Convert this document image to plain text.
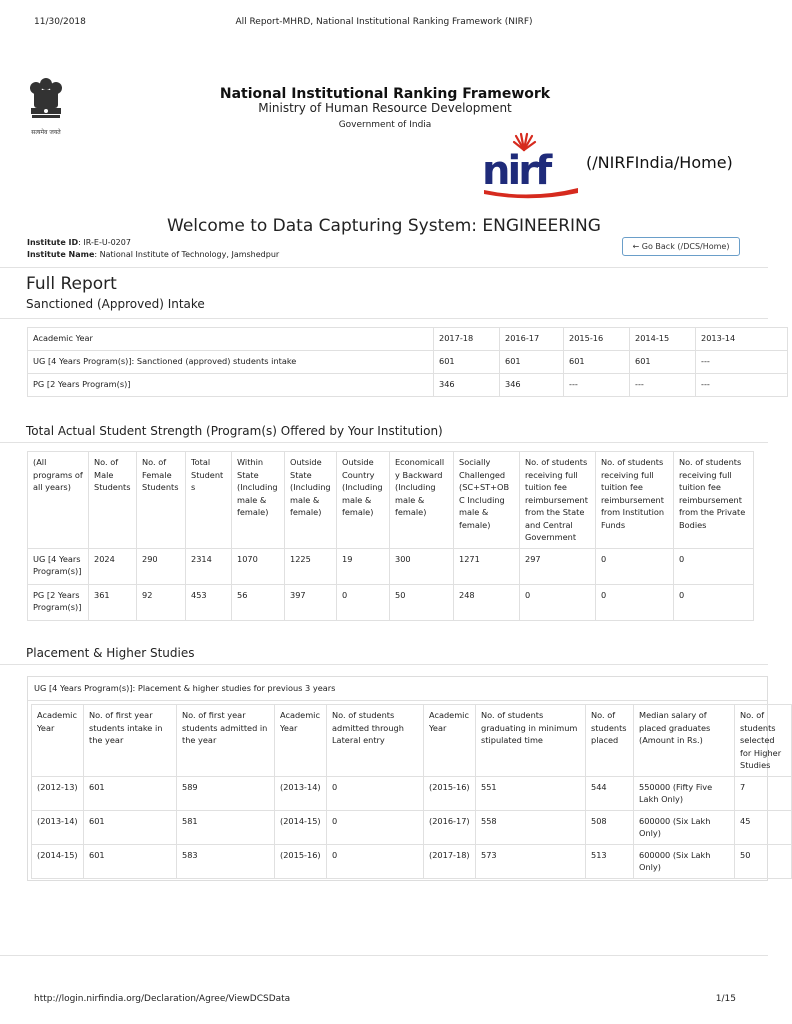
11/30/2018	All Report-MHRD, National Institutional Ranking Framework (NIRF)
सत्यमेव जयते
National Institutional Ranking Framework
Ministry of Human Resource Development
Government of India
nirf (/NIRFIndia/Home)
Welcome to Data Capturing System: ENGINEERING
Institute ID: IR-E-U-0207
Institute Name: National Institute of Technology, Jamshedpur
← Go Back (/DCS/Home)
Full Report
Sanctioned (Approved) Intake
Academic Year	2017-18	2016-17	2015-16	2014-15	2013-14
UG [4 Years Program(s)]: Sanctioned (approved) students intake	601	601	601	601	---
PG [2 Years Program(s)]	346	346	---	---	---
Total Actual Student Strength (Program(s) Offered by Your Institution)
(All programs of all years)	No. of Male Students	No. of Female Students	Total Students	Within State (Including male & female)	Outside State (Including male & female)	Outside Country (Including male & female)	Economically Backward (Including male & female)	Socially Challenged (SC+ST+OBC Including male & female)	No. of students receiving full tuition fee reimbursement from the State and Central Government	No. of students receiving full tuition fee reimbursement from Institution Funds	No. of students receiving full tuition fee reimbursement from the Private Bodies
UG [4 Years Program(s)]	2024	290	2314	1070	1225	19	300	1271	297	0	0
PG [2 Years Program(s)]	361	92	453	56	397	0	50	248	0	0	0
Placement & Higher Studies
UG [4 Years Program(s)]: Placement & higher studies for previous 3 years
Academic Year	No. of first year students intake in the year	No. of first year students admitted in the year	Academic Year	No. of students admitted through Lateral entry	Academic Year	No. of students graduating in minimum stipulated time	No. of students placed	Median salary of placed graduates (Amount in Rs.)	No. of students selected for Higher Studies
(2012-13)	601	589	(2013-14)	0	(2015-16)	551	544	550000 (Fifty Five Lakh Only)	7
(2013-14)	601	581	(2014-15)	0	(2016-17)	558	508	600000 (Six Lakh Only)	45
(2014-15)	601	583	(2015-16)	0	(2017-18)	573	513	600000 (Six Lakh Only)	50
http://login.nirfindia.org/Declaration/Agree/ViewDCSData	1/15
